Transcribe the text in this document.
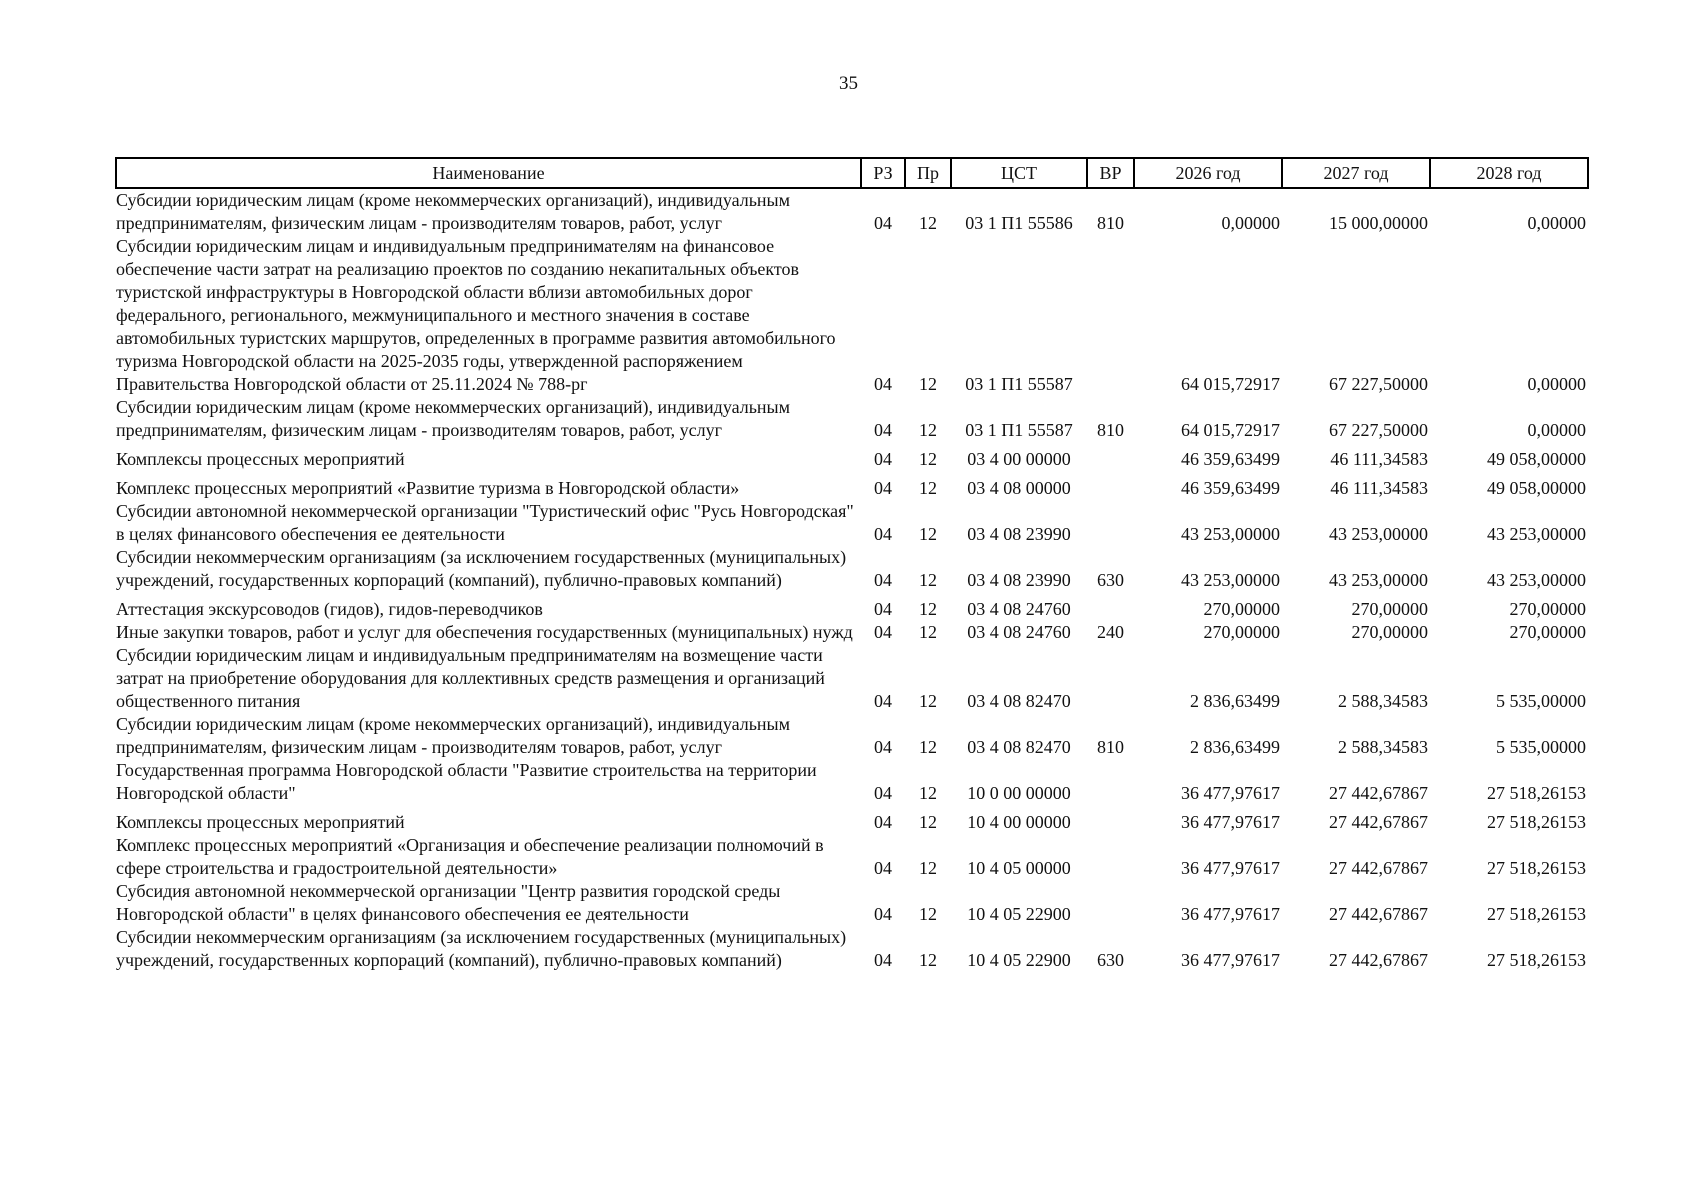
35
Наименование	РЗ	Пр	ЦСТ	ВР	2026 год	2027 год	2028 год
Субсидии юридическим лицам (кроме некоммерческих организаций), индивидуальным предпринимателям, физическим лицам - производителям товаров, работ, услуг	04	12	03 1 П1 55586	810	0,00000	15 000,00000	0,00000
Субсидии юридическим лицам и индивидуальным предпринимателям на финансовое обеспечение части затрат на реализацию проектов по созданию некапитальных объектов туристской инфраструктуры в Новгородской области вблизи автомобильных дорог федерального, регионального, межмуниципального и местного значения в составе автомобильных туристских маршрутов, определенных в программе развития автомобильного туризма Новгородской области на 2025-2035 годы, утвержденной распоряжением Правительства Новгородской области от 25.11.2024 № 788-рг	04	12	03 1 П1 55587		64 015,72917	67 227,50000	0,00000
Субсидии юридическим лицам (кроме некоммерческих организаций), индивидуальным предпринимателям, физическим лицам - производителям товаров, работ, услуг	04	12	03 1 П1 55587	810	64 015,72917	67 227,50000	0,00000
Комплексы процессных мероприятий	04	12	03 4 00 00000		46 359,63499	46 111,34583	49 058,00000
Комплекс процессных мероприятий «Развитие туризма в Новгородской области»	04	12	03 4 08 00000		46 359,63499	46 111,34583	49 058,00000
Субсидии автономной некоммерческой организации "Туристический офис "Русь Новгородская" в целях финансового обеспечения ее деятельности	04	12	03 4 08 23990		43 253,00000	43 253,00000	43 253,00000
Субсидии некоммерческим организациям (за исключением государственных (муниципальных) учреждений, государственных корпораций (компаний), публично-правовых компаний)	04	12	03 4 08 23990	630	43 253,00000	43 253,00000	43 253,00000
Аттестация экскурсоводов (гидов), гидов-переводчиков	04	12	03 4 08 24760		270,00000	270,00000	270,00000
Иные закупки товаров, работ и услуг для обеспечения государственных (муниципальных) нужд	04	12	03 4 08 24760	240	270,00000	270,00000	270,00000
Субсидии юридическим лицам и индивидуальным предпринимателям на возмещение части затрат на приобретение оборудования для коллективных средств размещения и организаций общественного питания	04	12	03 4 08 82470		2 836,63499	2 588,34583	5 535,00000
Субсидии юридическим лицам (кроме некоммерческих организаций), индивидуальным предпринимателям, физическим лицам - производителям товаров, работ, услуг	04	12	03 4 08 82470	810	2 836,63499	2 588,34583	5 535,00000
Государственная программа Новгородской области "Развитие строительства на территории Новгородской области"	04	12	10 0 00 00000		36 477,97617	27 442,67867	27 518,26153
Комплексы процессных мероприятий	04	12	10 4 00 00000		36 477,97617	27 442,67867	27 518,26153
Комплекс процессных мероприятий «Организация и обеспечение реализации полномочий в сфере строительства и градостроительной деятельности»	04	12	10 4 05 00000		36 477,97617	27 442,67867	27 518,26153
Субсидия автономной некоммерческой организации "Центр развития городской среды Новгородской области" в целях финансового обеспечения ее деятельности	04	12	10 4 05 22900		36 477,97617	27 442,67867	27 518,26153
Субсидии некоммерческим организациям (за исключением государственных (муниципальных) учреждений, государственных корпораций (компаний), публично-правовых компаний)	04	12	10 4 05 22900	630	36 477,97617	27 442,67867	27 518,26153
